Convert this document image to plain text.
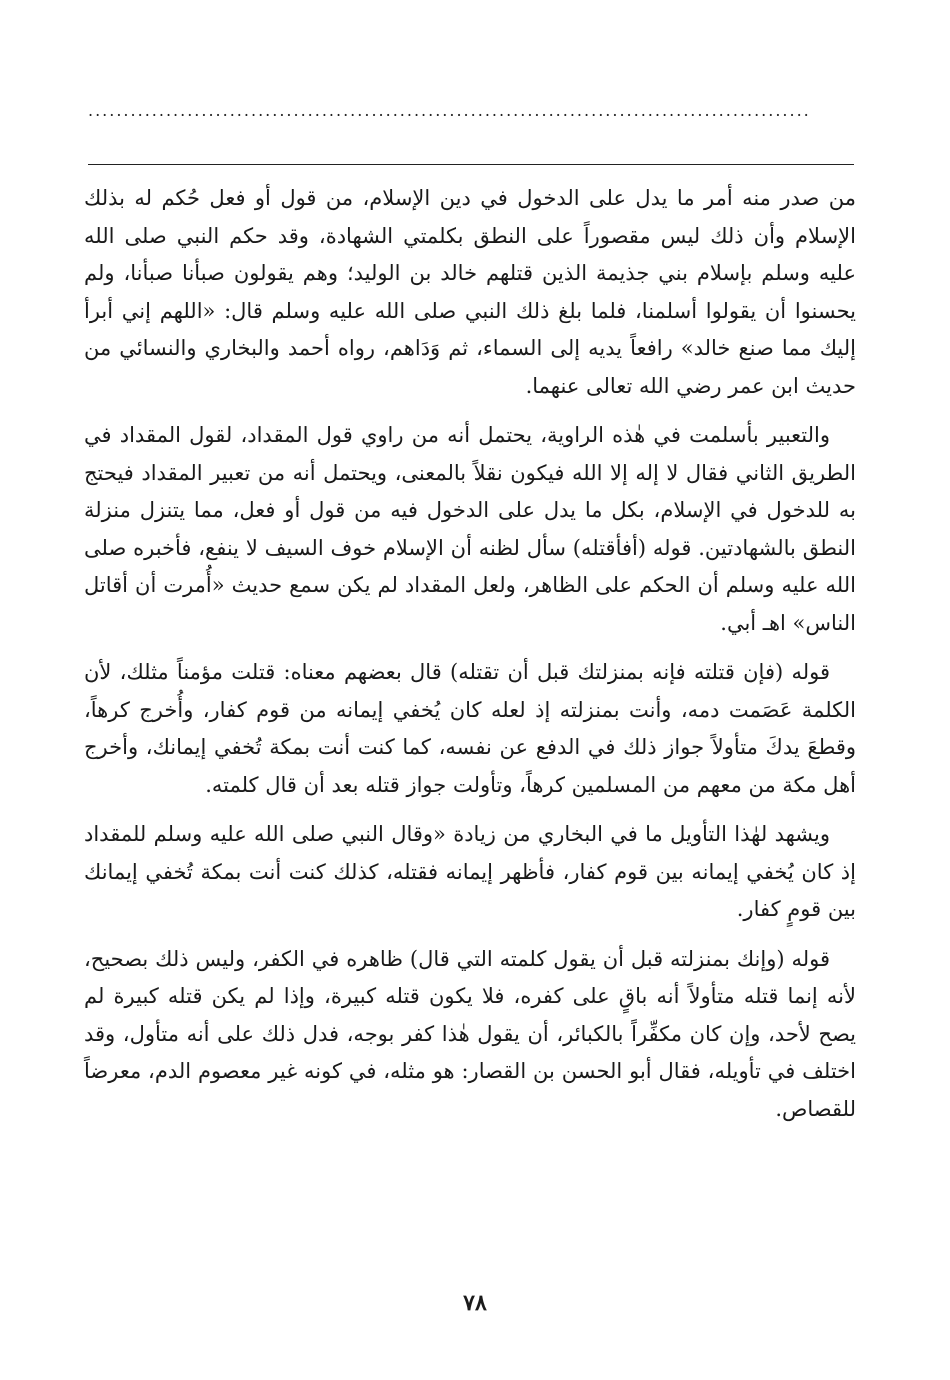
......................................................................................................

من صدر منه أمر ما يدل على الدخول في دين الإسلام، من قول أو فعل حُكم له بذلك الإسلام وأن ذلك ليس مقصوراً على النطق بكلمتي الشهادة، وقد حكم النبي صلى الله عليه وسلم بإسلام بني جذيمة الذين قتلهم خالد بن الوليد؛ وهم يقولون صبأنا صبأنا، ولم يحسنوا أن يقولوا أسلمنا، فلما بلغ ذلك النبي صلى الله عليه وسلم قال: «اللهم إني أبرأ إليك مما صنع خالد» رافعاً يديه إلى السماء، ثم وَدَاهم، رواه أحمد والبخاري والنسائي من حديث ابن عمر رضي الله تعالى عنهما.

والتعبير بأسلمت في هٰذه الراوية، يحتمل أنه من راوي قول المقداد، لقول المقداد في الطريق الثاني فقال لا إله إلا الله فيكون نقلاً بالمعنى، ويحتمل أنه من تعبير المقداد فيحتج به للدخول في الإسلام، بكل ما يدل على الدخول فيه من قول أو فعل، مما يتنزل منزلة النطق بالشهادتين. قوله (أفأقتله) سأل لظنه أن الإسلام خوف السيف لا ينفع، فأخبره صلى الله عليه وسلم أن الحكم على الظاهر، ولعل المقداد لم يكن سمع حديث «أُمرت أن أقاتل الناس» اهـ أبي.

قوله (فإن قتلته فإنه بمنزلتك قبل أن تقتله) قال بعضهم معناه: قتلت مؤمناً مثلك، لأن الكلمة عَصَمت دمه، وأنت بمنزلته إذ لعله كان يُخفي إيمانه من قوم كفار، وأُخرج كرهاً، وقطعَ يدكَ متأولاً جواز ذلك في الدفع عن نفسه، كما كنت أنت بمكة تُخفي إيمانك، وأخرج أهل مكة من معهم من المسلمين كرهاً، وتأولت جواز قتله بعد أن قال كلمته.

ويشهد لهٰذا التأويل ما في البخاري من زيادة «وقال النبي صلى الله عليه وسلم للمقداد إذ كان يُخفي إيمانه بين قوم كفار، فأظهر إيمانه فقتله، كذلك كنت أنت بمكة تُخفي إيمانك بين قومٍ كفار.

قوله (وإنك بمنزلته قبل أن يقول كلمته التي قال) ظاهره في الكفر، وليس ذلك بصحيح، لأنه إنما قتله متأولاً أنه باقٍ على كفره، فلا يكون قتله كبيرة، وإذا لم يكن قتله كبيرة لم يصح لأحد، وإن كان مكفِّراً بالكبائر، أن يقول هٰذا كفر بوجه، فدل ذلك على أنه متأول، وقد اختلف في تأويله، فقال أبو الحسن بن القصار: هو مثله، في كونه غير معصوم الدم، معرضاً للقصاص.

٧٨
